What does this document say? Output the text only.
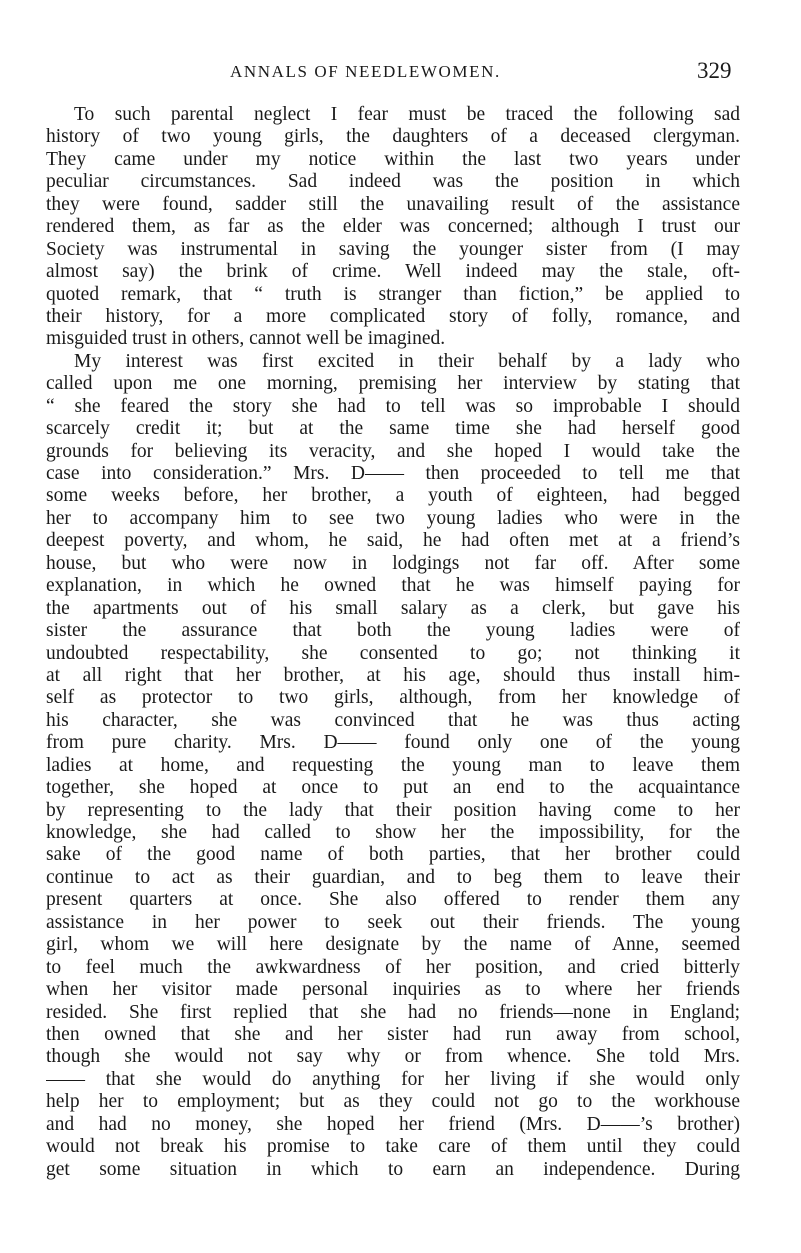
ANNALS OF NEEDLEWOMEN.	329
To such parental neglect I fear must be traced the following sad
history of two young girls, the daughters of a deceased clergyman.
They came under my notice within the last two years under
peculiar circumstances. Sad indeed was the position in which
they were found, sadder still the unavailing result of the assistance
rendered them, as far as the elder was concerned; although I trust our
Society was instrumental in saving the younger sister from (I may
almost say) the brink of crime. Well indeed may the stale, oft-
quoted remark, that “ truth is stranger than fiction,” be applied to
their history, for a more complicated story of folly, romance, and
misguided trust in others, cannot well be imagined.
My interest was first excited in their behalf by a lady who
called upon me one morning, premising her interview by stating that
“ she feared the story she had to tell was so improbable I should
scarcely credit it; but at the same time she had herself good
grounds for believing its veracity, and she hoped I would take the
case into consideration.” Mrs. D—— then proceeded to tell me that
some weeks before, her brother, a youth of eighteen, had begged
her to accompany him to see two young ladies who were in the
deepest poverty, and whom, he said, he had often met at a friend’s
house, but who were now in lodgings not far off. After some
explanation, in which he owned that he was himself paying for
the apartments out of his small salary as a clerk, but gave his
sister the assurance that both the young ladies were of
undoubted respectability, she consented to go; not thinking it
at all right that her brother, at his age, should thus install him-
self as protector to two girls, although, from her knowledge of
his character, she was convinced that he was thus acting
from pure charity. Mrs. D—— found only one of the young
ladies at home, and requesting the young man to leave them
together, she hoped at once to put an end to the acquaintance
by representing to the lady that their position having come to her
knowledge, she had called to show her the impossibility, for the
sake of the good name of both parties, that her brother could
continue to act as their guardian, and to beg them to leave their
present quarters at once. She also offered to render them any
assistance in her power to seek out their friends. The young
girl, whom we will here designate by the name of Anne, seemed
to feel much the awkwardness of her position, and cried bitterly
when her visitor made personal inquiries as to where her friends
resided. She first replied that she had no friends—none in England;
then owned that she and her sister had run away from school,
though she would not say why or from whence. She told Mrs.
—— that she would do anything for her living if she would only
help her to employment; but as they could not go to the workhouse
and had no money, she hoped her friend (Mrs. D——’s brother)
would not break his promise to take care of them until they could
get some situation in which to earn an independence. During
